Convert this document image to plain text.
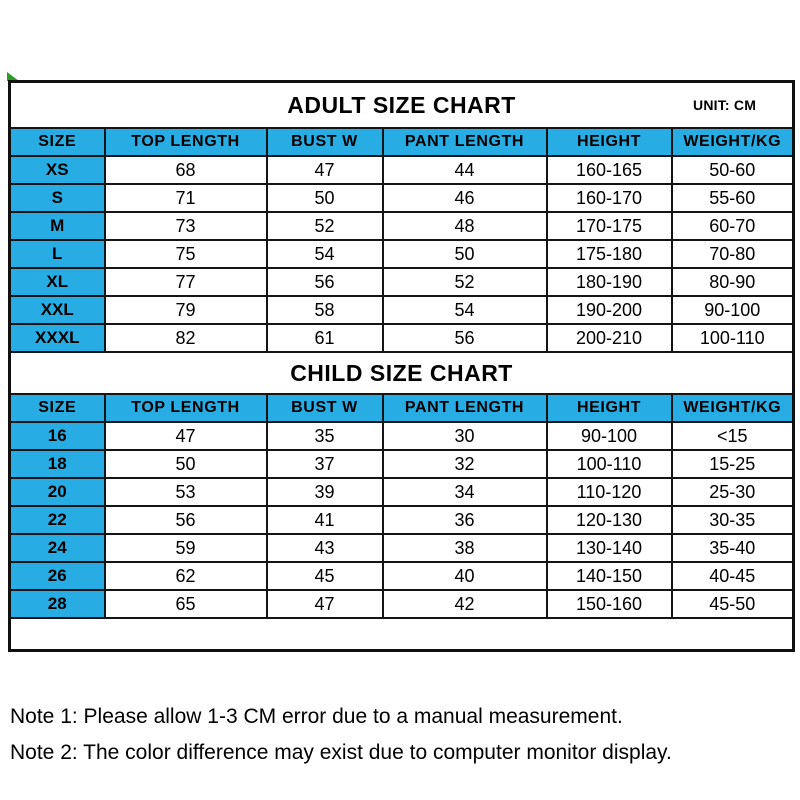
ADULT SIZE CHART UNIT: CM					

SIZE	TOP LENGTH	BUST W	PANT LENGTH	HEIGHT	WEIGHT/KG
XS	68	47	44	160-165	50-60
S	71	50	46	160-170	55-60
M	73	52	48	170-175	60-70
L	75	54	50	175-180	70-80
XL	77	56	52	180-190	80-90
XXL	79	58	54	190-200	90-100
XXXL	82	61	56	200-210	100-110
CHILD SIZE CHART					
SIZE	TOP LENGTH	BUST W	PANT LENGTH	HEIGHT	WEIGHT/KG
16	47	35	30	90-100	<15
18	50	37	32	100-110	15-25
20	53	39	34	110-120	25-30
22	56	41	36	120-130	30-35
24	59	43	38	130-140	35-40
26	62	45	40	140-150	40-45
28	65	47	42	150-160	45-50

Note 1: Please allow 1-3 CM error due to a manual measurement.
Note 2: The color difference may exist due to computer monitor display.
